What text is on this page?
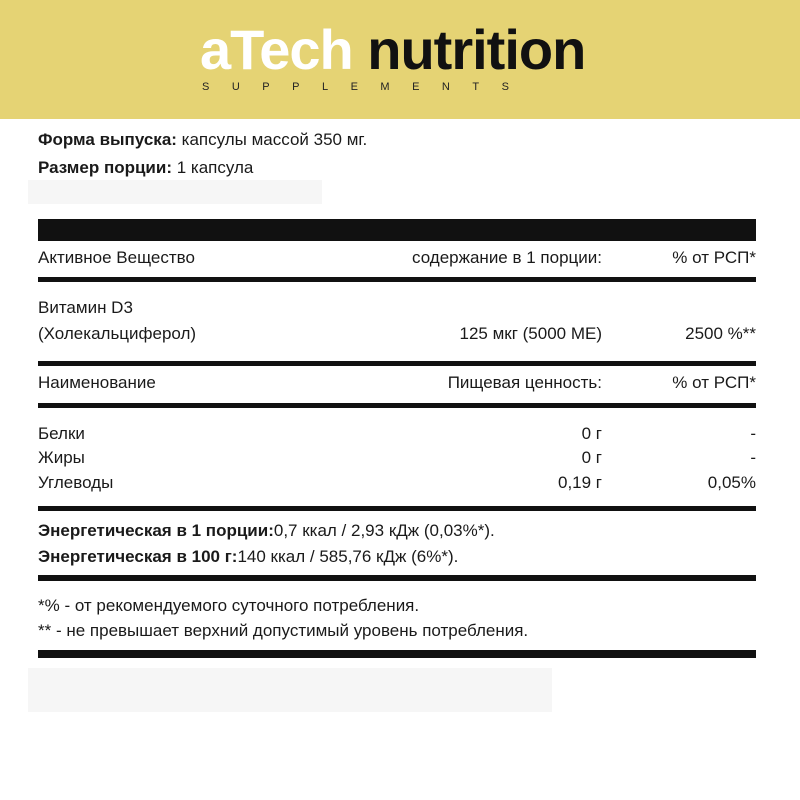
aTech nutrition
SUPPLEMENTS
Форма выпуска: капсулы массой 350 мг.
Размер порции: 1 капсула
Активное Вещество	содержание в 1 порции:	% от РСП*
Витамин D3
(Холекальциферол)	125 мкг (5000 МЕ)	2500 %**
Наименование	Пищевая ценность:	% от РСП*
Белки	0 г	-
Жиры	0 г	-
Углеводы	0,19 г	0,05%
Энергетическая в 1 порции:0,7 ккал / 2,93 кДж (0,03%*).
Энергетическая в 100 г:140 ккал / 585,76 кДж (6%*).
*% - от рекомендуемого суточного потребления.
** - не превышает верхний допустимый уровень потребления.
